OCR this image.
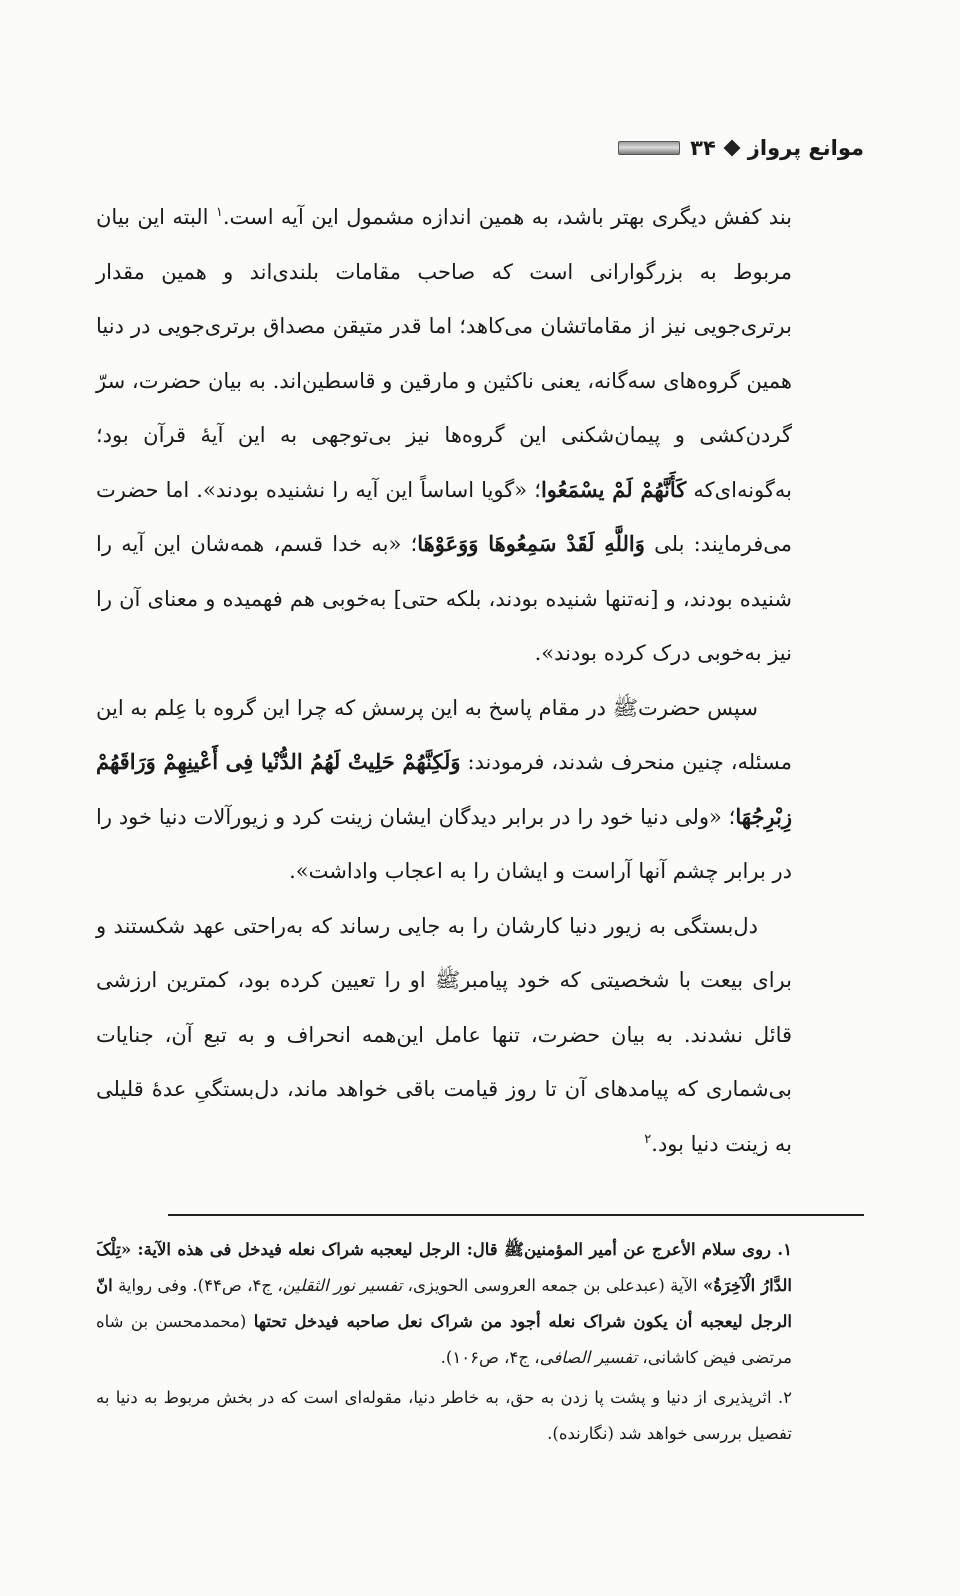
موانع پرواز
۳۴

بند کفش دیگری بهتر باشد، به همین اندازه مشمول این آیه است.$^۱$ البته این بیان مربوط به بزرگوارانی است که صاحب مقامات بلندی‌اند و همین مقدار برتری‌جویی نیز از مقاماتشان می‌کاهد؛ اما قدر متیقن مصداق برتری‌جویی در دنیا همین گروه‌های سه‌گانه، یعنی ناکثین و مارقین و قاسطین‌اند. به بیان حضرت، سرّ گردن‌کشی و پیمان‌شکنی این گروه‌ها نیز بی‌توجهی به این آیهٔ قرآن بود؛ به‌گونه‌ای‌که کَأَنَّهُمْ لَمْ یسْمَعُوا؛ «گویا اساساً این آیه را نشنیده بودند». اما حضرت می‌فرمایند: بلی وَاللَّهِ لَقَدْ سَمِعُوهَا وَوَعَوْهَا؛ «به خدا قسم، همه‌شان این آیه را شنیده بودند، و [نه‌تنها شنیده بودند، بلکه حتی] به‌خوبی هم فهمیده و معنای آن را نیز به‌خوبی درک کرده بودند».

سپس حضرتﷺ در مقام پاسخ به این پرسش که چرا این گروه با عِلم به این مسئله، چنین منحرف شدند، فرمودند: وَلَکِنَّهُمْ حَلِیتْ لَهُمُ الدُّنْیا فِی أَعْینِهِمْ وَرَاقَهُمْ زِبْرِجُهَا؛ «ولی دنیا خود را در برابر دیدگان ایشان زینت کرد و زیورآلات دنیا خود را در برابر چشم آنها آراست و ایشان را به اعجاب واداشت».

دل‌بستگی به زیور دنیا کارشان را به جایی رساند که به‌راحتی عهد شکستند و برای بیعت با شخصیتی که خود پیامبرﷺ او را تعیین کرده بود، کمترین ارزشی قائل نشدند. به بیان حضرت، تنها عامل این‌همه انحراف و به تبع آن، جنایات بی‌شماری که پیامدهای آن تا روز قیامت باقی خواهد ماند، دل‌بستگیِ عدهٔ قلیلی به زینت دنیا بود.$^۲$

۱. روی سلام الأعرج عن أمیر المؤمنینﷺ قال: الرجل لیعجبه شراک نعله فیدخل فی هذه الآیة: «تِلْکَ الدَّارُ الْآخِرَةُ» الآیة (عبدعلی بن جمعه العروسی الحویزی، تفسیر نور الثقلین، ج۴، ص۴۴). وفی روایة انّ الرجل لیعجبه أن یکون شراک نعله أجود من شراک نعل صاحبه فیدخل تحتها (محمدمحسن بن شاه مرتضی فیض کاشانی، تفسیر الصافی، ج۴، ص۱۰۶).

۲. اثرپذیری از دنیا و پشت پا زدن به حق، به خاطر دنیا، مقوله‌ای است که در بخش مربوط به دنیا به تفصیل بررسی خواهد شد (نگارنده).
